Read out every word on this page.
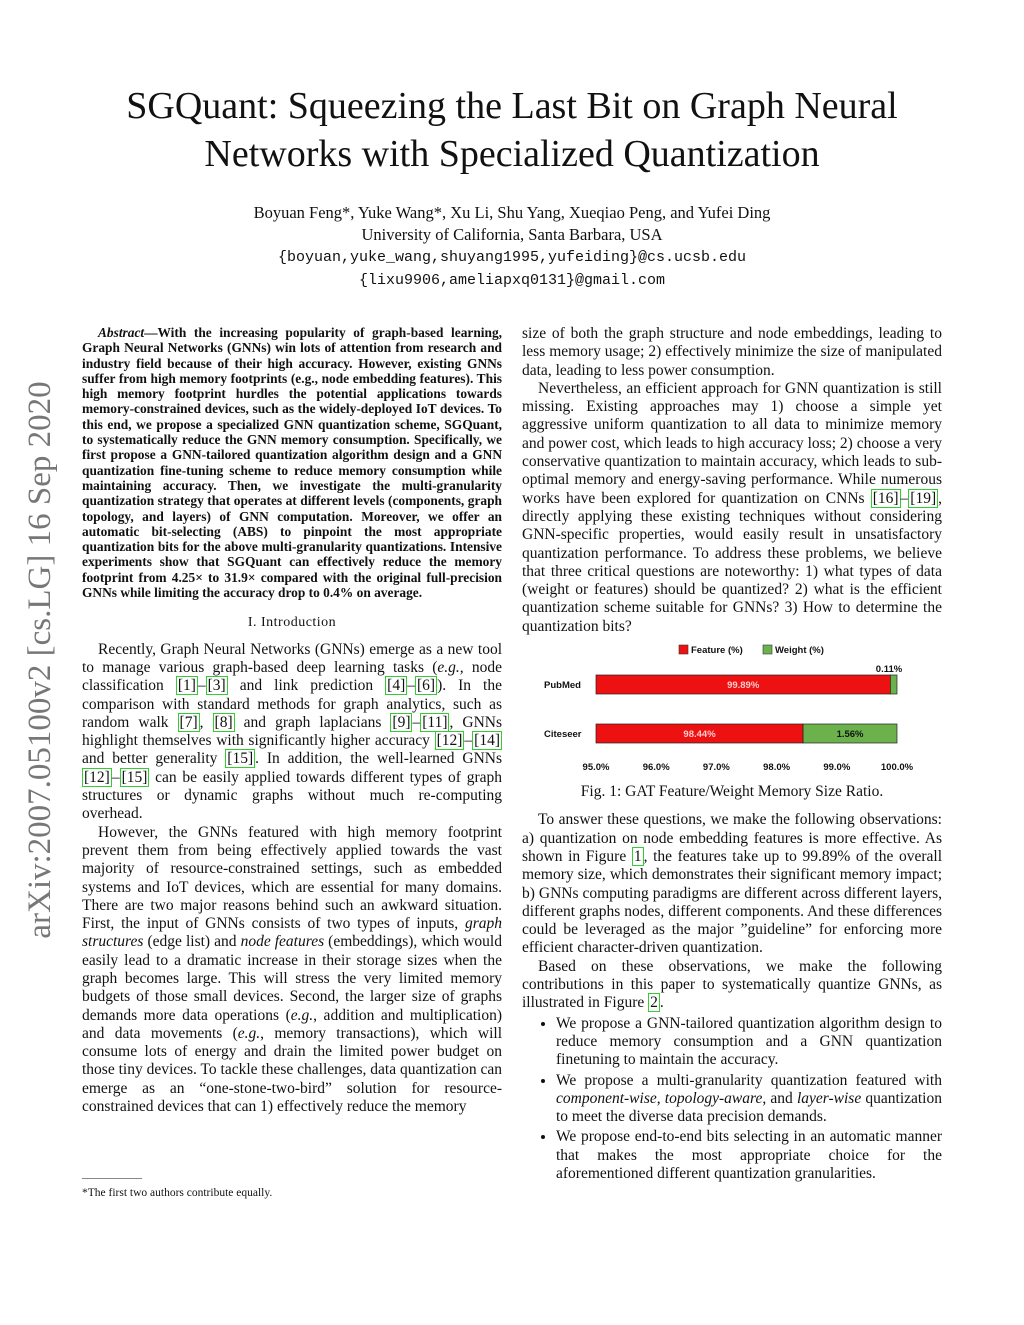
SGQuant: Squeezing the Last Bit on Graph Neural Networks with Specialized Quantization
Boyuan Feng*, Yuke Wang*, Xu Li, Shu Yang, Xueqiao Peng, and Yufei Ding
University of California, Santa Barbara, USA
{boyuan,yuke_wang,shuyang1995,yufeiding}@cs.ucsb.edu
{lixu9906,ameliapxq0131}@gmail.com
arXiv:2007.05100v2 [cs.LG] 16 Sep 2020

Abstract—With the increasing popularity of graph-based learning, Graph Neural Networks (GNNs) win lots of attention from research and industry field because of their high accuracy. However, existing GNNs suffer from high memory footprints (e.g., node embedding features). This high memory footprint hurdles the potential applications towards memory-constrained devices, such as the widely-deployed IoT devices. To this end, we propose a specialized GNN quantization scheme, SGQuant, to systematically reduce the GNN memory consumption. Specifically, we first propose a GNN-tailored quantization algorithm design and a GNN quantization fine-tuning scheme to reduce memory consumption while maintaining accuracy. Then, we investigate the multi-granularity quantization strategy that operates at different levels (components, graph topology, and layers) of GNN computation. Moreover, we offer an automatic bit-selecting (ABS) to pinpoint the most appropriate quantization bits for the above multi-granularity quantizations. Intensive experiments show that SGQuant can effectively reduce the memory footprint from 4.25× to 31.9× compared with the original full-precision GNNs while limiting the accuracy drop to 0.4% on average.

I. Introduction

Recently, Graph Neural Networks (GNNs) emerge as a new tool to manage various graph-based deep learning tasks (e.g., node classification [1] – [3] and link prediction [4] – [6] ). In the comparison with standard methods for graph analytics, such as random walk [7] , [8] and graph laplacians [9] – [11] , GNNs highlight themselves with significantly higher accuracy [12] – [14] and better generality [15] . In addition, the well-learned GNNs [12] – [15] can be easily applied towards different types of graph structures or dynamic graphs without much re-computing overhead.

However, the GNNs featured with high memory footprint prevent them from being effectively applied towards the vast majority of resource-constrained settings, such as embedded systems and IoT devices, which are essential for many domains. There are two major reasons behind such an awkward situation. First, the input of GNNs consists of two types of inputs, graph structures (edge list) and node features (embeddings), which would easily lead to a dramatic increase in their storage sizes when the graph becomes large. This will stress the very limited memory budgets of those small devices. Second, the larger size of graphs demands more data operations (e.g., addition and multiplication) and data movements (e.g., memory transactions), which will consume lots of energy and drain the limited power budget on those tiny devices. To tackle these challenges, data quantization can emerge as an “one-stone-two-bird” solution for resource-constrained devices that can 1) effectively reduce the memory

*The first two authors contribute equally.

size of both the graph structure and node embeddings, leading to less memory usage; 2) effectively minimize the size of manipulated data, leading to less power consumption.

Nevertheless, an efficient approach for GNN quantization is still missing. Existing approaches may 1) choose a simple yet aggressive uniform quantization to all data to minimize memory and power cost, which leads to high accuracy loss; 2) choose a very conservative quantization to maintain accuracy, which leads to sub-optimal memory and energy-saving performance. While numerous works have been explored for quantization on CNNs [16] – [19] , directly applying these existing techniques without considering GNN-specific properties, would easily result in unsatisfactory quantization performance. To address these problems, we believe that three critical questions are noteworthy: 1) what types of data (weight or features) should be quantized? 2) what is the efficient quantization scheme suitable for GNNs? 3) How to determine the quantization bits?

Feature (%)	Weight (%)
PubMed	99.89%
0.11%
Citeseer	98.44%	1.56%
95.0%	96.0%	97.0%	98.0%	99.0%	100.0%
Fig. 1: GAT Feature/Weight Memory Size Ratio.

To answer these questions, we make the following observations: a) quantization on node embedding features is more effective. As shown in Figure 1 , the features take up to 99.89% of the overall memory size, which demonstrates their significant memory impact; b) GNNs computing paradigms are different across different layers, different graphs nodes, different components. And these differences could be leveraged as the major ”guideline” for enforcing more efficient character-driven quantization.

Based on these observations, we make the following contributions in this paper to systematically quantize GNNs, as illustrated in Figure 2 .

• We propose a GNN-tailored quantization algorithm design to reduce memory consumption and a GNN quantization finetuning to maintain the accuracy.
• We propose a multi-granularity quantization featured with component-wise, topology-aware, and layer-wise quantization to meet the diverse data precision demands.
• We propose end-to-end bits selecting in an automatic manner that makes the most appropriate choice for the aforementioned different quantization granularities.
